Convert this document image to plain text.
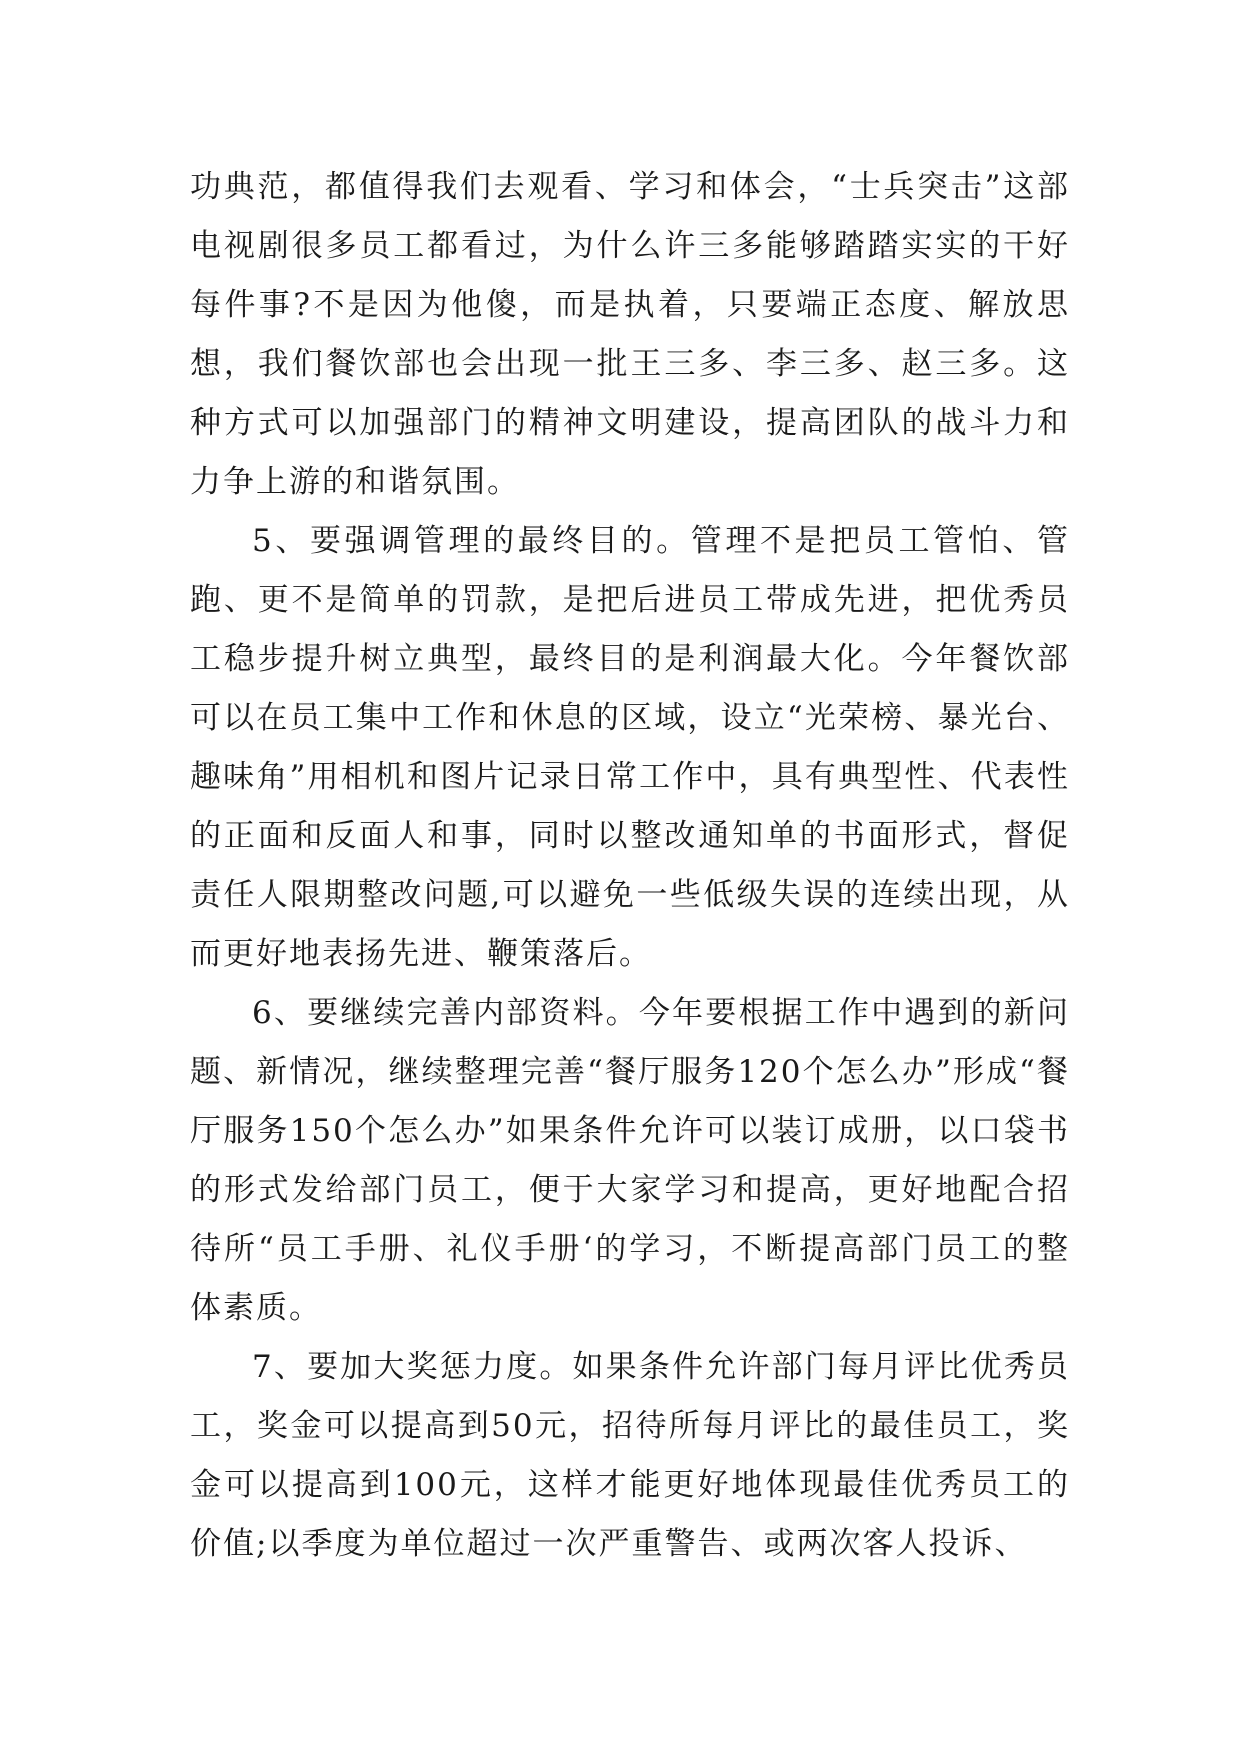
功典范，都值得我们去观看、学习和体会，“士兵突击”这部电视剧很多员工都看过，为什么许三多能够踏踏实实的干好每件事?不是因为他傻，而是执着，只要端正态度、解放思想，我们餐饮部也会出现一批王三多、李三多、赵三多。这种方式可以加强部门的精神文明建设，提高团队的战斗力和力争上游的和谐氛围。

5、要强调管理的最终目的。管理不是把员工管怕、管跑、更不是简单的罚款，是把后进员工带成先进，把优秀员工稳步提升树立典型，最终目的是利润最大化。今年餐饮部可以在员工集中工作和休息的区域，设立“光荣榜、暴光台、趣味角”用相机和图片记录日常工作中，具有典型性、代表性的正面和反面人和事，同时以整改通知单的书面形式，督促责任人限期整改问题,可以避免一些低级失误的连续出现，从而更好地表扬先进、鞭策落后。

6、要继续完善内部资料。今年要根据工作中遇到的新问题、新情况，继续整理完善“餐厅服务120个怎么办”形成“餐厅服务150个怎么办”如果条件允许可以装订成册，以口袋书的形式发给部门员工，便于大家学习和提高，更好地配合招待所“员工手册、礼仪手册‘的学习，不断提高部门员工的整体素质。

7、要加大奖惩力度。如果条件允许部门每月评比优秀员工，奖金可以提高到50元，招待所每月评比的最佳员工，奖金可以提高到100元，这样才能更好地体现最佳优秀员工的价值;以季度为单位超过一次严重警告、或两次客人投诉、
